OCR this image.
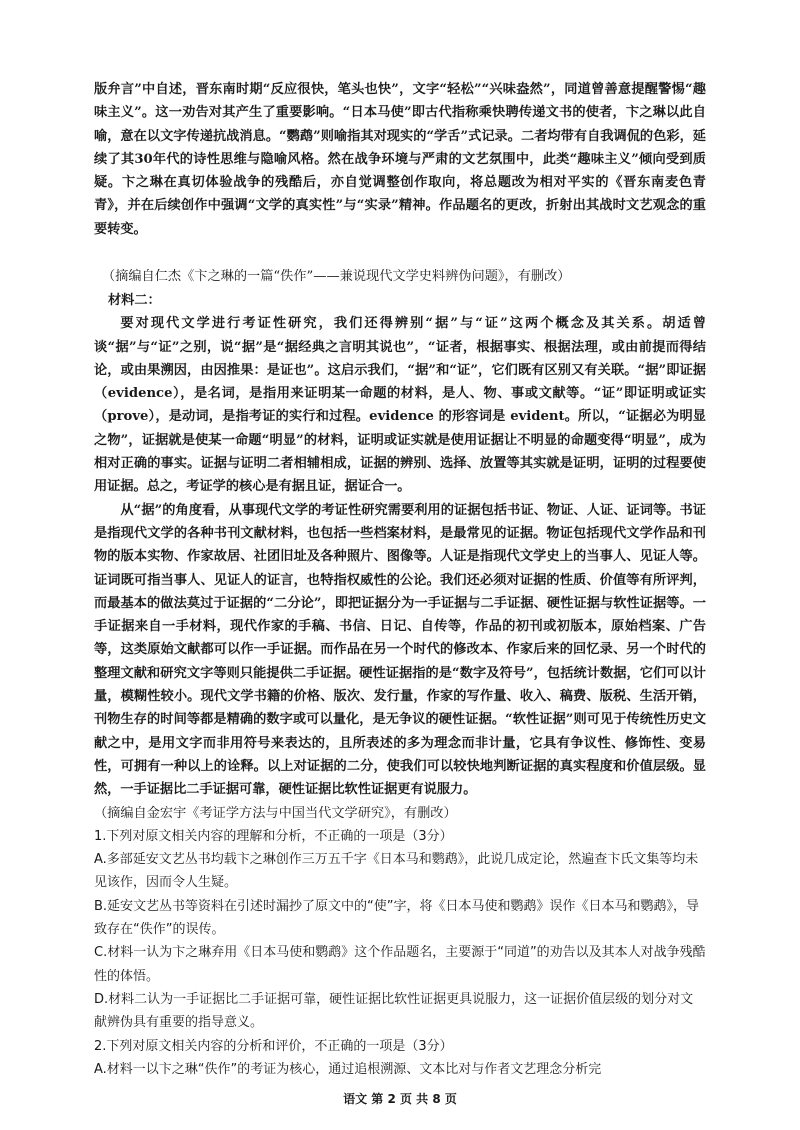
版弁言”中自述，晋东南时期“反应很快，笔头也快”，文字“轻松”“兴味盎然”，同道曾善意提醒警惕“趣味主义”。这一劝告对其产生了重要影响。“日本马使”即古代指称乘快聘传递文书的使者，卞之琳以此自喻，意在以文字传递抗战消息。“鹦鹉”则喻指其对现实的“学舌”式记录。二者均带有自我调侃的色彩，延续了其30年代的诗性思维与隐喻风格。然在战争环境与严肃的文艺氛围中，此类“趣味主义”倾向受到质疑。卞之琳在真切体验战争的残酷后，亦自觉调整创作取向，将总题改为相对平实的《晋东南麦色青青》，并在后续创作中强调“文学的真实性”与“实录”精神。作品题名的更改，折射出其战时文艺观念的重要转变。

（摘编自仁杰《卞之琳的一篇“佚作”——兼说现代文学史料辨伪问题》，有删改）

材料二：

要对现代文学进行考证性研究，我们还得辨别“据”与“证”这两个概念及其关系。胡适曾谈“据”与“证”之别，说“据”是“据经典之言明其说也”，“证者，根据事实、根据法理，或由前提而得结论，或由果溯因，由因推果：是证也”。这启示我们，“据”和“证”，它们既有区别又有关联。“据”即证据 （evidence），是名词，是指用来证明某一命题的材料，是人、物、事或文献等。“证”即证明或证实 （prove），是动词，是指考证的实行和过程。evidence 的形容词是 evident。所以，“证据必为明显之物”，证据就是使某一命题“明显”的材料，证明或证实就是使用证据让不明显的命题变得“明显”，成为相对正确的事实。证据与证明二者相辅相成，证据的辨别、选择、放置等其实就是证明，证明的过程要使用证据。总之，考证学的核心是有据且证，据证合一。

从“据”的角度看，从事现代文学的考证性研究需要利用的证据包括书证、物证、人证、证词等。书证是指现代文学的各种书刊文献材料，也包括一些档案材料，是最常见的证据。物证包括现代文学作品和刊物的版本实物、作家故居、社团旧址及各种照片、图像等。人证是指现代文学史上的当事人、见证人等。证词既可指当事人、见证人的证言，也特指权威性的公论。我们还必须对证据的性质、价值等有所评判，而最基本的做法莫过于证据的“二分论”，即把证据分为一手证据与二手证据、硬性证据与软性证据等。一手证据来自一手材料，现代作家的手稿、书信、日记、自传等，作品的初刊或初版本，原始档案、广告等，这类原始文献都可以作一手证据。而作品在另一个时代的修改本、作家后来的回忆录、另一个时代的整理文献和研究文字等则只能提供二手证据。硬性证据指的是“数字及符号”，包括统计数据，它们可以计量，模糊性较小。现代文学书籍的价格、版次、发行量，作家的写作量、收入、稿费、版税、生活开销，刊物生存的时间等都是精确的数字或可以量化，是无争议的硬性证据。“软性证据”则可见于传统性历史文献之中，是用文字而非用符号来表达的，且所表述的多为理念而非计量，它具有争议性、修饰性、变易性，可拥有一种以上的诠释。以上对证据的二分，使我们可以较快地判断证据的真实程度和价值层级。显然，一手证据比二手证据可靠，硬性证据比软性证据更有说服力。

（摘编自金宏宇《考证学方法与中国当代文学研究》，有删改）

1.下列对原文相关内容的理解和分析，不正确的一项是（3分）

A.多部延安文艺丛书均载卞之琳创作三万五千字《日本马和鹦鹉》，此说几成定论，然遍查卞氏文集等均未见该作，因而令人生疑。

B.延安文艺丛书等资料在引述时漏抄了原文中的“使”字，将《日本马使和鹦鹉》误作《日本马和鹦鹉》，导致存在“佚作”的误传。

C.材料一认为卞之琳弃用《日本马使和鹦鹉》这个作品题名，主要源于“同道”的劝告以及其本人对战争残酷性的体悟。

D.材料二认为一手证据比二手证据可靠，硬性证据比软性证据更具说服力，这一证据价值层级的划分对文献辨伪具有重要的指导意义。

2.下列对原文相关内容的分析和评价，不正确的一项是（3分）

A.材料一以卞之琳“佚作”的考证为核心，通过追根溯源、文本比对与作者文艺理念分析完

语文 第 2 页 共 8 页
